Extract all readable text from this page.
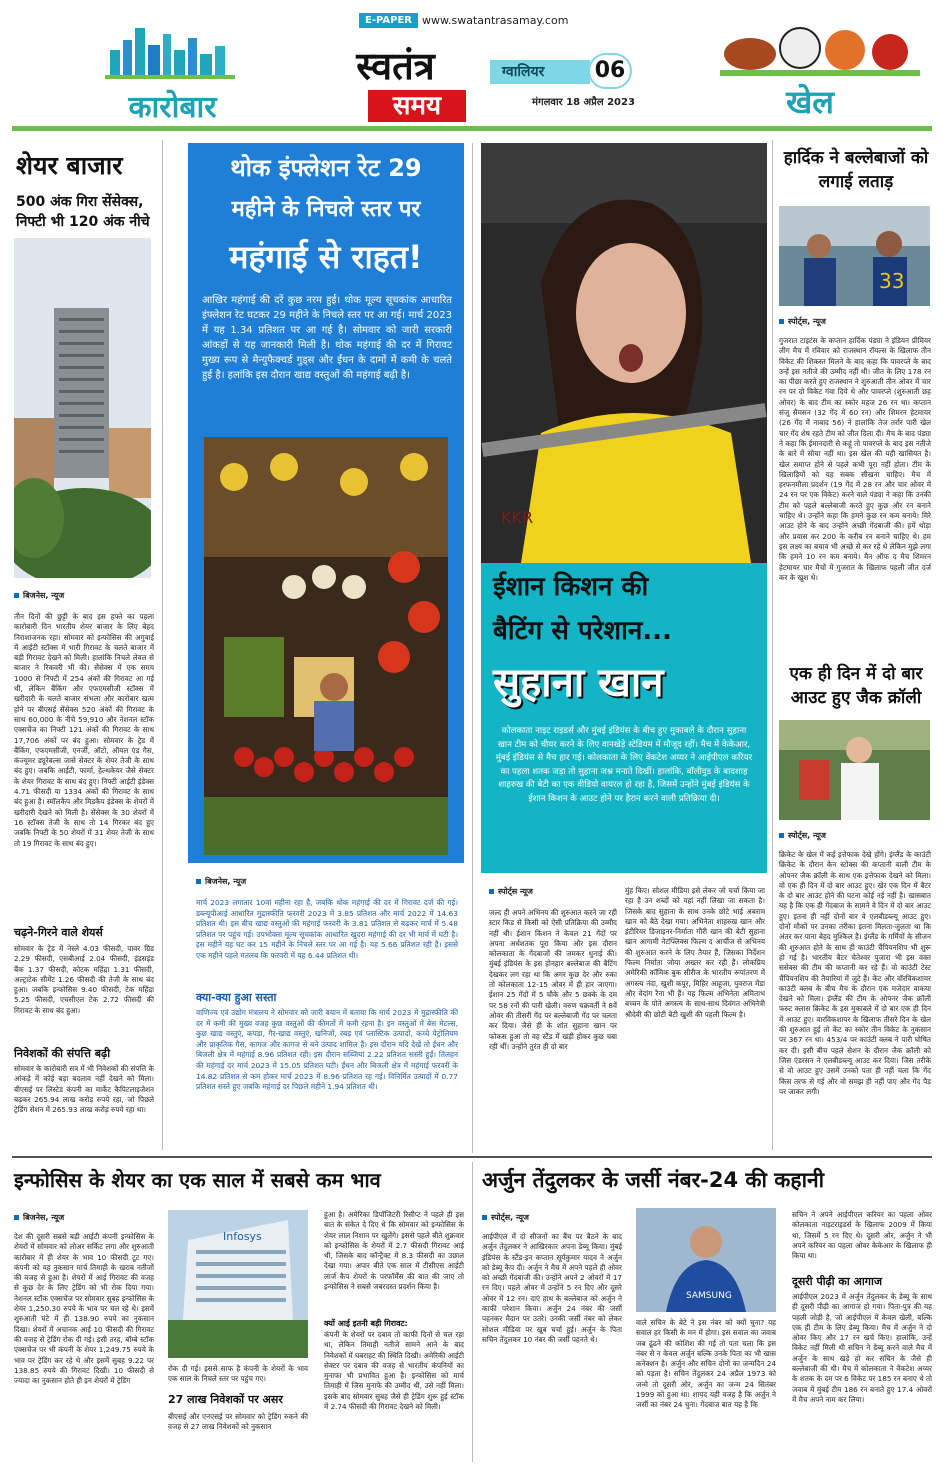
E-PAPER www.swatantrasamay.com
कारोबार
स्वतंत्र
समय
ग्वालियर	06
मंगलवार 18 अप्रैल 2023	खेल
शेयर बाजार
500 अंक गिरा सेंसेक्स, निफ्टी भी 120 अंक नीचे
बिजनेस, न्यूज
तीन दिनों की छुट्टी के बाद इस हफ्ते का पहला कारोबारी दिन भारतीय शेयर बाजार के लिए बेहद निराशाजनक रहा। सोमवार को इन्फोसिस की अगुवाई में आईटी स्टॉक्स में भारी गिरावट के चलते बाजार में बड़ी गिरावट देखने को मिली। हालांकि निचले लेवल से बाजार ने रिकवरी भी की। सेंसेक्स में एक समय 1000 से निफ्टी में 254 अंकों की गिरावट आ गई थी, लेकिन बैंकिंग और एफएमसीजी स्टॉक्स में खरीदारी के चलते बाजार संभला और कारोबार खत्म होने पर बीएसई सेंसेक्स 520 अंकों की गिरावट के साथ 60,000 के नीचे 59,910 और नेशनल स्टॉक एक्सचेंज का निफ्टी 121 अंकों की गिरावट के साथ 17,706 अंकों पर बंद हुआ। सोमवार के ट्रेड में बैंकिंग, एफएमसीजी, एनर्जी, ऑटो, ऑयल एंड गैस, कंज्यूमर ड्यूरेबल्स जासे सेक्टर के शेयर तेजी के साथ बंद हुए। जबकि आईटी, फार्मा, हेल्थकेयर जैसे सेक्टर के शेयर गिरावट के साथ बंद हुए। निफ्टी आईटी इंडेक्स 4.71 फीसदी या 1334 अंकों की गिरावट के साथ बंद हुआ है। स्मॉलकैप और मिडकैप इंडेक्स के शेयरों में खरीदारी देखने को मिली है। सेंसेक्स के 30 शेयरों में 16 स्टॉक्स तेजी के साथ तो 14 गिरकर बंद हुए जबकि निफ्टी के 50 शेयरों में 31 शेयर तेजी के साथ तो 19 गिरावट के साथ बंद हुए।
चढ़ने-गिरने वाले शेयर्स
सोमवार के ट्रेड में नेस्ले 4.03 फीसदी, पावर ग्रिड 2.29 फीसदी, एसबीआई 2.04 फीसदी, इंडसइंड बैंक 1.37 फीसदी, कोटक महिंद्रा 1.31 फीसदी, अल्ट्राटेक सीमेंट 1.26 फीसदी की तेजी के साथ बंद हुआ। जबकि इन्फोसिस 9.40 फीसदी, टेक महिंद्रा 5.25 फीसदी, एचसीएल टेक 2.72 फीसदी की गिरावट के साथ बंद हुआ।
निवेशकों की संपत्ति बढ़ी
सोमवार के कारोबारी सत्र में भी निवेशकों की संपत्ति के आंकड़े में कोई बड़ा बदलाव नहीं देखने को मिला। बीएसई पर लिस्टेड कंपनी का मार्केट कैपिटलाइजेशन बढ़कर 265.94 लाख करोड़ रुपये रहा, जो पिछले ट्रेडिंग सेशन में 265.93 लाख करोड़ रुपये रहा था।
थोक इंफ्लेशन रेट 29
महीने के निचले स्तर पर
महंगाई से राहत!
आखिर महंगाई की दरें कुछ नरम हुई। थोक मूल्य सूचकांक आधारित इंफ्लेशन रेट घटकर 29 महीने के निचले स्तर पर आ गई। मार्च 2023 में यह 1.34 प्रतिशत पर आ गई है। सोमवार को जारी सरकारी आंकड़ों से यह जानकारी मिली है। थोक महंगाई की दर में गिरावट मुख्य रूप से मैन्युफैक्चर्ड गुड्स और ईंधन के दामों में कमी के चलते हुई है। हलांकि इस दौरान खाद्य वस्तुओं की महंगाई बढ़ी है।
बिजनेस, न्यूज
मार्च 2023 लगातार 10वां महीना रहा है, जबकि थोक महंगाई की दर में गिरावट दर्ज की गई। डब्ल्यूपीआई आधारित मुद्रास्फीति फरवरी 2023 में 3.85 प्रतिशत और मार्च 2022 में 14.63 प्रतिशत थी। इस बीच खाद्य वस्तुओं की महंगाई फरवरी के 3.81 प्रतिशत से बढ़कर मार्च में 5.48 प्रतिशत पर पहुंच गई। उपभोक्ता मूल्य सूचकांक आधारित खुदरा महंगाई की दर भी मार्च में घटी है। इस महीने यह घट कर 15 महीने के निचले स्तर पर आ गई है। यह 5.66 प्रतिशत रही है। इससे एक महीने पहले मतलब कि फरवरी में यह 6.44 प्रतिशत थी।
क्या-क्या हुआ सस्ता
वाणिज्य एवं उद्योग मंत्रालय ने सोमवार को जारी बयान में बताया कि मार्च 2023 में मुद्रास्फीति की दर में कमी की मुख्य वजह कुछ वस्तुओं की कीमतों में कमी रहना है। इन वस्तुओं में बेस मेटल्स, कुछ खाद्य वस्तुएं, कपड़ा, गैर-खाद्य वस्तुएं, खनिजों, रबड़ एवं प्लास्टिक उत्पादों, कच्चे पेट्रोलियम और प्राकृतिक गैस, कागज और कागज से बने उत्पाद शामिल हैं। इस दौरान यदि देखें तो ईंधन और बिजली क्षेत्र में महंगाई 8.96 प्रतिशत रही। इस दौरान सब्जियां 2.22 प्रतिशत सस्ती हुईं। तिलहन की महंगाई दर मार्च 2023 में 15.05 प्रतिशत घटी। ईंधन और बिजली क्षेत्र में महंगाई फरवरी के 14.82 प्रतिशत से कम होकर मार्च 2023 में 8.96 प्रतिशत रह गई। विनिर्मित उत्पादों में 0.77 प्रतिशत सस्ते हुए जबकि महंगाई दर पिछले महीने 1.94 प्रतिशत थी।
KKR
ईशान किशन की
बैटिंग से परेशान...
सुहाना खान
कोलकाता नाइट राइडर्स और मुंबई इंडियंस के बीच हुए मुकाबले के दौरान सुहाना खान टीम को चीयर करने के लिए वानखेड़े स्टेडियम में मौजूद रहीं। मैच में केकेआर, मुंबई इंडियंस से मैच हार गई। कोलकाता के लिए वेंकटेश अय्यर ने आईपीएल करियर का पहला शतक जड़ा तो सुहाना जश्न मनाते दिखीं। हालांकि, बॉलीवुड के बादशाह शाहरुख की बेटी का एक वीडियो वायरल हो रहा है, जिसमें उन्होंने मुंबई इंडियंस के ईशान किशन के आउट होने पर हैरान करने वाली प्रतिक्रिया दी।
स्पोर्ट्स न्यूज
जल्द ही अपने अभिनय की शुरुआत करने जा रही स्टार किड से किसी को ऐसी प्रतिक्रिया की उम्मीद नहीं थी। ईशान किशन ने केवल 21 गेंदों पर अपना अर्धशतक पूरा किया और इस दौरान कोलकाता के गेंदबाजों की जमकर धुनाई की। मुंबई इंडियंस के इस होनहार बल्लेबाज की बैटिंग देखकर लग रहा था कि अगर कुछ देर और रुका तो कोलकाता 12-15 ओवर में ही हार जाएगा। ईशान 25 गेंदों में 5 चौके और 5 छक्के के दम पर 58 रनों की पारी खेली। वरुण चक्रवर्ती ने 8वें ओवर की तीसरी गेंद पर बल्लेबाजी गेंद पर चलता कर दिया। जैसे ही के शांत सुहाना खान पर फोकस हुआ तो वह स्टैंड में खड़ी होकर कुछ चबा रही थीं। उन्होंने तुरंत ही दो बार
मुंह किए। सोशल मीडिया इसे लेकर जो चर्चा किया जा रहा है उन शब्दों को यहां नहीं लिखा जा सकता है। जिसके बाद सुहाना के साथ उनके छोटे भाई अबराम खान को बैठे देखा गया। अभिनेता शाहरुख खान और इंटीरियर डिजाइनर-निर्माता गौरी खान की बेटी सुहाना खान आगामी नेटफ्लिक्स फिल्म द आर्चीज से अभिनय की शुरुआत करने के लिए तैयार हैं, जिसका निर्देशन फिल्म निर्माता जोया अख्तर कर रही हैं। लोकप्रिय अमेरिकी कॉमिक बुक सीरीज के भारतीय रूपांतरण में अगस्त्य नंदा, खुशी कपूर, मिहिर आहूजा, युवराज मेंडा और वेदांग रैना भी हैं। यह फिल्म अभिनेता अमिताभ बच्चन के पोते अगस्त्य के साथ-साथ दिवंगत अभिनेत्री श्रीदेवी की छोटी बेटी खुशी की पहली फिल्म है।
हार्दिक ने बल्लेबाजों को लगाई लताड़
33
स्पोर्ट्स, न्यूज
गुजरात टाइटंस के कप्तान हार्दिक पंड्या ने इंडियन प्रीमियर लीग मैच में रविवार को राजस्थान रॉयल्स के खिलाफ तीन विकेट की शिकस्त मिलने के बाद कहा कि पावरप्ले के बाद उन्हें इस नतीजे की उम्मीद नहीं थी। जीत के लिए 178 रन का पीछा करते हुए राजस्थान ने शुरुआती तीन ओवर में चार रन पर दो विकेट गंवा दिये थे और पावरप्ले (शुरुआती छह ओवर) के बाद टीम का स्कोर महज 26 रन था। कप्तान संजू सैमसन (32 गेंद में 60 रन) और शिमरन हेटमायर (26 गेंद में नाबाद 56) ने हालांकि तेज तर्रार पारी खेल चार गेंद शेष रहते टीम को जीत दिला दी। मैच के बाद पंड्या ने कहा कि ईमानदारी से कहूं तो पावरप्ले के बाद इस नतीजे के बारे में सोचा नहीं था। इस खेल की यही खासियत है। खेल समाप्त होने से पहले कभी पूरा नहीं होता। टीम के खिलाड़ियों को यह सबक सीखना चाहिए। मैच में हरफनमौला प्रदर्शन (19 गेंद में 28 रन और चार ओवर में 24 रन पर एक विकेट) करने वाले पंड्या ने कहा कि उनकी टीम को पहले बल्लेबाजी करते हुए कुछ और रन बनाने चाहिए थे। उन्होंने कहा कि हमने कुछ रन कम बनाये। मिरे आउट होने के बाद उन्होंने अच्छी गेंदबाजी की। हमें थोड़ा और प्रयास कर 200 के करीब रन बनाने चाहिए थे। हम इस लक्ष्य का बचाव भी अच्छे से कर रहे थे लेकिन मुझे लगा कि हमने 10 रन कम बनाये। मैन ऑफ द मैच शिमरन हेटमायर चार मैचों में गुजरात के खिलाफ पहली जीत दर्ज कर के खुश थे।
एक ही दिन में दो बार आउट हुए जैक क्रॉली
स्पोर्ट्स, न्यूज
क्रिकेट के खेल में कई इत्तेफाक देखे होंगे। इंग्लैंड के काउंटी क्रिकेट के दौरान केन स्टोक्स की कप्तानी वाली टीम के ओपनर जैक क्रॉली के साथ एक इत्तेफाक देखने को मिला। वो एक ही दिन में दो बार आउट हुए। खेर एक दिन में बैटर के दो बार आउट होने की घटना कोई नई नहीं है। खासबात यह है कि एक ही गेंदबाज के सामने वे दिन में दो बार आउट हुए। इतना ही नहीं दोनों बार वे एलबीडब्ल्यू आउट हुए। दोनों मौकों पर उनका तरीका इतना मिलता-जुलता था कि अंतर कर पाना बेहद मुश्किल है। इंग्लैंड के गर्मियों के सीजन की शुरुआत होने के साथ ही काउंटी चैंपियनशिप भी शुरू हो गई है। भारतीय बैटर चेतेश्वर पुजारा भी इस वक्त ससेक्स की टीम की कप्तानी कर रहे हैं। वो काउंटी टेस्ट चैंपियनशिप की तैयारियां में जुटे हैं। केंट और वॉरविकशायर काउंटी क्लब के बीच मैच के दौरान एक मजेदार वाकया देखने को मिला। इंग्लैंड की टीम के ओपनर जैक क्रॉली फस्र्ट क्लास क्रिकेट के इस मुकाबले में दो बार एक ही दिन में आउट हुए। वारविकशायर के खिलाफ तीसरे दिन के खेल की शुरुआत हुई तो केंट का स्कोर तीन विकेट के नुकसान पर 367 रन था। 453/4 पर काउंटी क्लब ने पारी घोषित कर दी। इसी बीच पहले सेशन के दौरान जैक क्रॉली को जिस एंडरसन ने एलबीडब्ल्यू आउट कर दिया। जिस तरीके से वो आउट हुए उसमें उनको पता ही नहीं चला कि गेंद किस तरफ से गई और वो समझ ही नहीं पाए और गेंद पैड पर जाकर लगी।
इन्फोसिस के शेयर का एक साल में सबसे कम भाव
बिजनेस, न्यूज
देश की दूसरी सबसे बड़ी आईटी कंपनी इन्फोसिस के शेयरों में सोमवार को लोअर सर्किट लगा और शुरुआती कारोबार में ही शेयर के भाव 10 फीसदी टूट गए। कंपनी को यह नुकसान मार्च तिमाही के खराब नतीजों की वजह से हुआ है। शेयरों में आई गिरावट की वजह से कुछ देर के लिए ट्रेडिंग को भी रोक दिया गया। नेशनल स्टॉक एक्सचेंज पर सोमवार सुबह इन्फोसिस के शेयर 1,250.30 रुपये के भाव पर चल रहे थे। इसमें शुरुआती घंटे में ही 138.90 रुपये का नुकसान दिखा। शेयरों में अचानक आई 10 फीसदी की गिरावट की वजह से ट्रेडिंग रोक दी गई। इसी तरह, बॉम्बे स्टॉक एक्सचेंज पर भी कंपनी के शेयर 1,249.75 रुपये के भाव पर ट्रेडिंग कर रहे थे और इसमें सुबह 9.22 पर 138.85 रुपये की गिरावट दिखी। 10 फीसदी से ज्यादा का नुकसान होते ही इन शेयरों में ट्रेडिंग
Infosys
रोक दी गई। इससे साफ है कंपनी के शेयरों के भाव एक साल के निचले स्तर पर पहुंच गए।
27 लाख निवेशकों पर असर
बीएसई और एनएसई पर सोमवार को ट्रेडिंग रुकने की वजह से 27 लाख निवेशकों को नुकसान
हुआ है। अमेरिका डिपॉजिटरी रिसीप्ट ने पहले ही इस बात के संकेत दे दिए थे कि सोमवार को इन्फोसिस के शेयर लाल निशान पर खुलेंगे। इससे पहले बीते शुक्रवार को इन्फोसिस के शेयरों में 2.7 फीसदी गिरावट आई थी, जिसके बाद कॉन्ट्रैक्ट में 8.3 फीसदी का उछाल देखा गया। अपार बीते एक साल में टीसीएस आईटी लार्ज कैप शेयरों के परफॉर्मेंस की बात की जाए तो इन्फोसिस ने सबसे जबरदस्त प्रदर्शन किया है।
क्यों आई इतनी बड़ी गिरावट:
कंपनी के शेयरों पर दबाव तो काफी दिनों से चल रहा था, लेकिन तिमाही नतीजे सामने आने के बाद निवेशकों में घबराहट की स्थिति दिखी। अमेरिकी आईटी सेक्टर पर दबाव की वजह से भारतीय कंपनियों का मुनाफा भी प्रभावित हुआ है। इन्फोसिस को मार्च तिमाही में जिस मुनाफे की उम्मीद थी, उसे नहीं मिला। इसके बाद सोमवार सुबह जैसे ही ट्रेडिंग शुरू हुई स्टॉक में 2.74 फीसदी की गिरावट देखने को मिली।
अर्जुन तेंदुलकर के जर्सी नंबर-24 की कहानी
स्पोर्ट्स, न्यूज
आईपीएल में दो सीजनों का बैंच पर बैठने के बाद अर्जुन तेंदुलकर ने आखिरकार अपना डेब्यू किया। मुंबई इंडियंस के स्टैंड-इन कप्तान सूर्यकुमार यादव ने अर्जुन को डेब्यू कैप दी। अर्जुन ने मैच में अपने पहले ही ओवर को अच्छी गेंदबाजी की। उन्होंने अपने 2 ओवरों में 17 रन दिए। पहले ओवर में उन्होंने 5 रन दिए और दूसरे ओवर में 12 रन। दाएं हाथ के बल्लेबाज को अर्जुन ने काफी परेशान किया। अर्जुन 24 नंबर की जर्सी पहनकर मैदान पर उतरे। उनकी जर्सी नंबर को लेकर सोशल मीडिया पर खूब चर्चा हुई। अर्जुन के पिता सचिन तेंदुलकर 10 नंबर की जर्सी पहनते थे।
SAMSUNG
वाले सचिन के बेटे ने इस नंबर को क्यों चुना? यह सवाल हर किसी के मन में होगा। इस सवाल का जवाब जब ढूंढने की कोशिश की गई तो पता चला कि इस नंबर से न केवल अर्जुन बल्कि उनके पिता का भी खास कनेक्शन है। अर्जुन और सचिन दोनों का जन्मदिन 24 को पड़ता है। सचिन तेंदुलकर 24 अप्रैल 1973 को जन्मे तो दूसरी ओर, अर्जुन का जन्म 24 सितंबर 1999 को हुआ था। शायद यही वजह है कि अर्जुन ने जर्सी का नंबर 24 चुना। गेंदबाज बात यह है कि
सचिन ने अपने आईपीएल करियर का पहला ओवर कोलकाता नाइटराइडर्स के खिलाफ 2009 में किया था, जिसमें 5 रन दिए थे। दूसरी ओर, अर्जुन ने भी अपने करियर का पहला ओवर केकेआर के खिलाफ ही किया था।
दूसरी पीढ़ी का आगाज
आईपीएल 2023 में अर्जुन तेंदुलकर के डेब्यू के साथ ही दूसरी पीढ़ी का आगाज हो गया। पिता-पुत्र की यह पहली जोड़ी है, जो आईपीएल में केवल खेली, बल्कि एक ही टीम के लिए डेब्यू किया। मैच में अर्जुन ने दो ओवर किए और 17 रन खर्च किए। हालांकि, उन्हें विकेट नहीं मिली थी सचिन ने डेब्यू करने वाले मैच में अर्जुन के साथ खड़े हो कर सचिन के जैसे ही बल्लेबाजी की थी। मैच में कोलकाता ने वेंकटेश अय्यर के शतक के दम पर 6 विकेट पर 185 रन बनाए थे तो जवाब में मुंबई टीम 186 रन बनाते हुए 17.4 ओवरों में मैच अपने नाम कर लिया।
